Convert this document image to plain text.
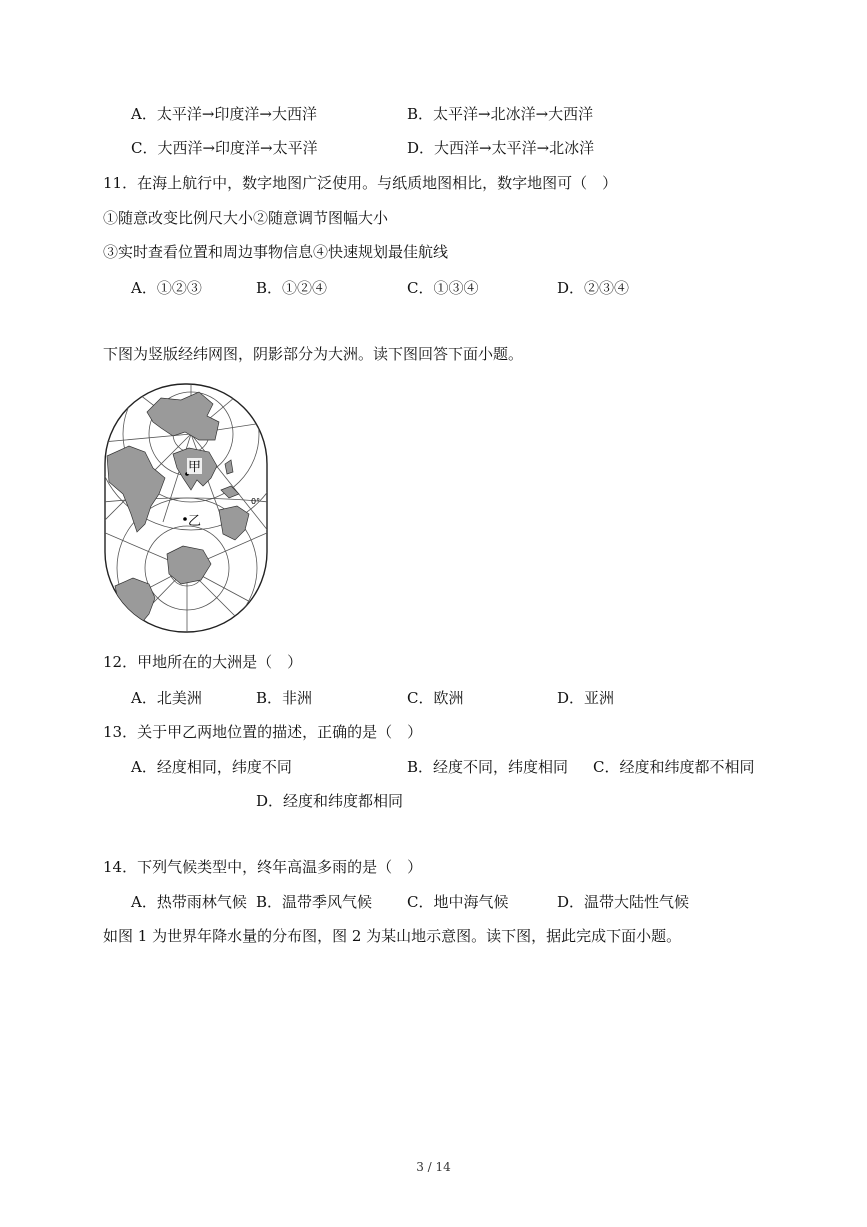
A．太平洋→印度洋→大西洋	B．太平洋→北冰洋→大西洋
C．大西洋→印度洋→太平洋	D．大西洋→太平洋→北冰洋
11．在海上航行中，数字地图广泛使用。与纸质地图相比，数字地图可（　）
①随意改变比例尺大小②随意调节图幅大小
③实时查看位置和周边事物信息④快速规划最佳航线
A．①②③	B．①②④	C．①③④	D．②③④
下图为竖版经纬网图，阴影部分为大洲。读下图回答下面小题。
甲
乙
0°
12．甲地所在的大洲是（　）
A．北美洲	B．非洲	C．欧洲	D．亚洲
13．关于甲乙两地位置的描述，正确的是（　）
A．经度相同，纬度不同	B．经度不同，纬度相同 C．经度和纬度都不相同
D．经度和纬度都相同
14．下列气候类型中，终年高温多雨的是（　）
A．热带雨林气候 B．温带季风气候 C．地中海气候	D．温带大陆性气候
如图 1 为世界年降水量的分布图，图 2 为某山地示意图。读下图，据此完成下面小题。
3 / 14
